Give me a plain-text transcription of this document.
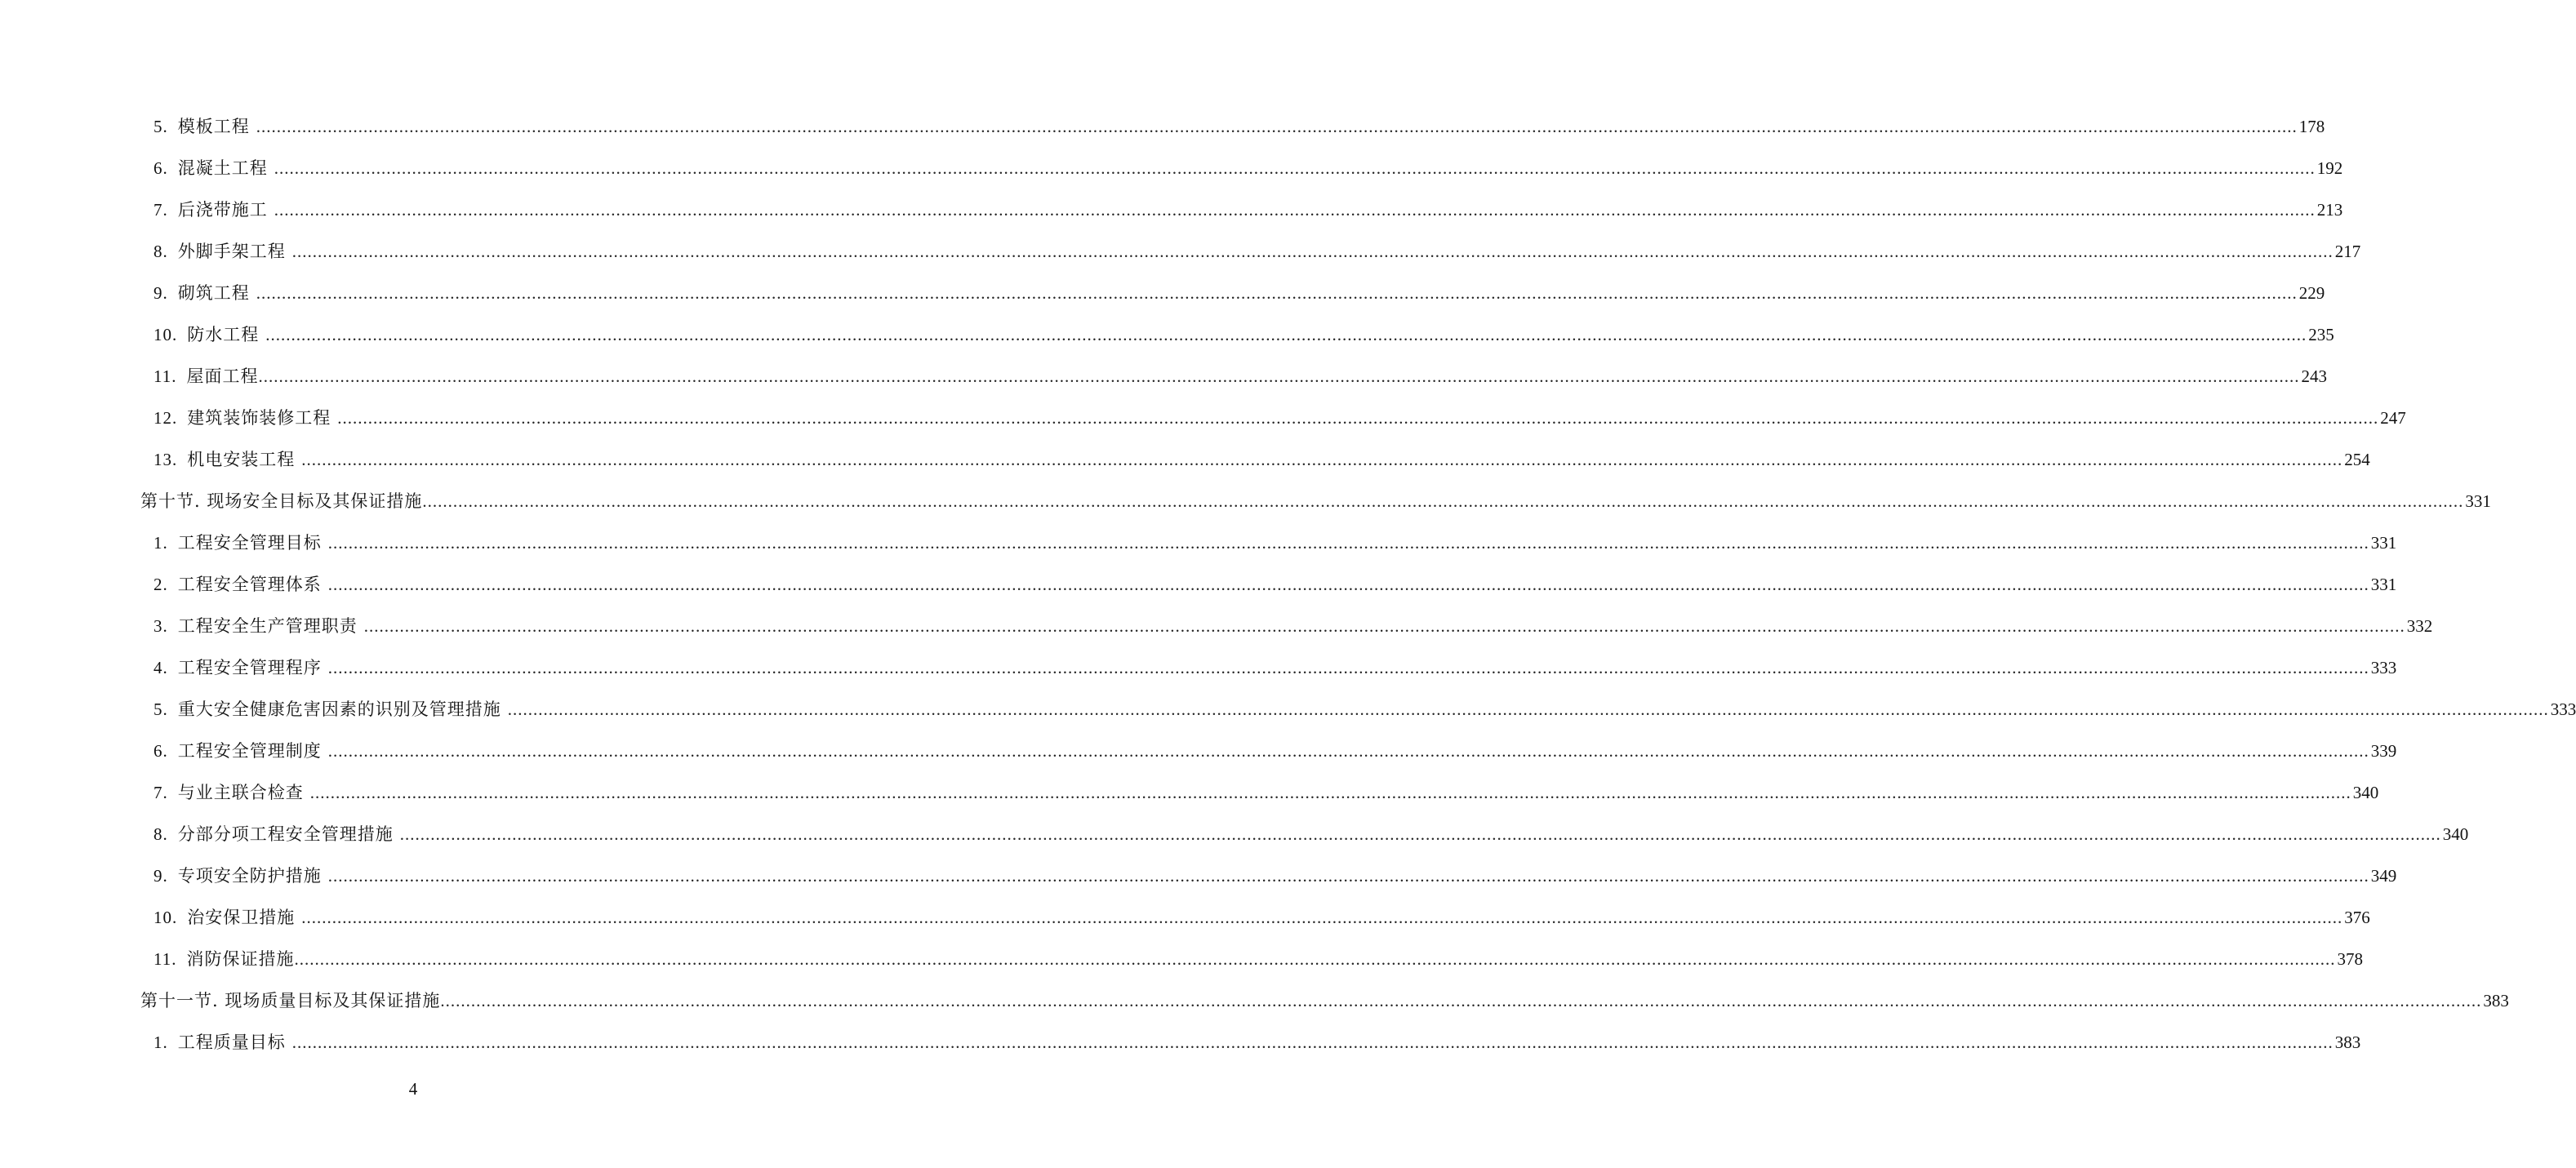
5. 模板工程 ................................................................................................................................................................................................................................................................................................................................................................................................................ 178
6. 混凝土工程 ................................................................................................................................................................................................................................................................................................................................................................................................................ 192
7. 后浇带施工 ................................................................................................................................................................................................................................................................................................................................................................................................................ 213
8. 外脚手架工程 ................................................................................................................................................................................................................................................................................................................................................................................................................ 217
9. 砌筑工程 ................................................................................................................................................................................................................................................................................................................................................................................................................ 229
10. 防水工程 ................................................................................................................................................................................................................................................................................................................................................................................................................ 235
11. 屋面工程 ................................................................................................................................................................................................................................................................................................................................................................................................................ 243
12. 建筑装饰装修工程 ................................................................................................................................................................................................................................................................................................................................................................................................................ 247
13. 机电安装工程 ................................................................................................................................................................................................................................................................................................................................................................................................................ 254
第十节. 现场安全目标及其保证措施 ................................................................................................................................................................................................................................................................................................................................................................................................................ 331
1. 工程安全管理目标 ................................................................................................................................................................................................................................................................................................................................................................................................................ 331
2. 工程安全管理体系 ................................................................................................................................................................................................................................................................................................................................................................................................................ 331
3. 工程安全生产管理职责 ................................................................................................................................................................................................................................................................................................................................................................................................................ 332
4. 工程安全管理程序 ................................................................................................................................................................................................................................................................................................................................................................................................................ 333
5. 重大安全健康危害因素的识别及管理措施 ................................................................................................................................................................................................................................................................................................................................................................................................................ 333
6. 工程安全管理制度 ................................................................................................................................................................................................................................................................................................................................................................................................................ 339
7. 与业主联合检查 ................................................................................................................................................................................................................................................................................................................................................................................................................ 340
8. 分部分项工程安全管理措施 ................................................................................................................................................................................................................................................................................................................................................................................................................ 340
9. 专项安全防护措施 ................................................................................................................................................................................................................................................................................................................................................................................................................ 349
10. 治安保卫措施 ................................................................................................................................................................................................................................................................................................................................................................................................................ 376
11. 消防保证措施 ................................................................................................................................................................................................................................................................................................................................................................................................................ 378
第十一节. 现场质量目标及其保证措施 ................................................................................................................................................................................................................................................................................................................................................................................................................ 383
1. 工程质量目标 ................................................................................................................................................................................................................................................................................................................................................................................................................ 383
4
